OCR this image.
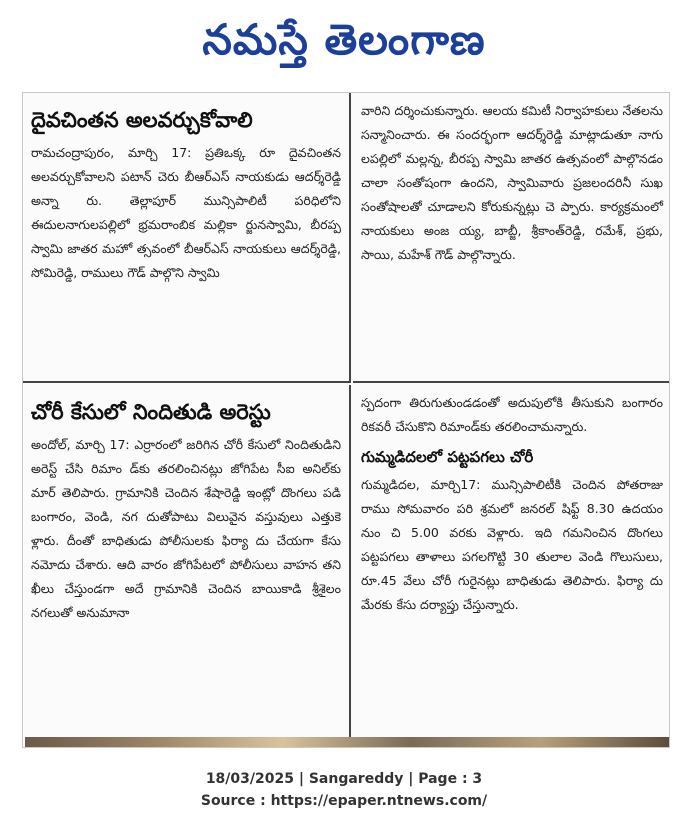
నమస్తే తెలంగాణ
దైవచింతన అలవర్చుకోవాలి

రామచంద్రాపురం, మార్చి 17: ప్రతిఒక్క రూ దైవచింతన అలవర్చుకోవాలని పటాన్ చెరు బీఆర్ఎస్ నాయకుడు ఆదర్శ్‌రెడ్డి అన్నా రు. తెల్లాపూర్ మున్సిపాలిటీ పరిధిలోని ఈదులనాగులపల్లిలో భ్రమరాంబిక మల్లికా ర్జునస్వామి, బీరప్ప స్వామి జాతర మహో త్సవంలో బీఆర్ఎస్ నాయకులు ఆదర్శ్‌రెడ్డి, సోమిరెడ్డి, రాములు గౌడ్ పాల్గొని స్వామి

వారిని దర్శించుకున్నారు. ఆలయ కమిటీ నిర్వాహకులు నేతలను సన్మానించారు. ఈ సందర్భంగా ఆదర్శ్‌రెడ్డి మాట్లాడుతూ నాగు లపల్లిలో మల్లన్న, బీరప్ప స్వామి జాతర ఉత్సవంలో పాల్గొనడం చాలా సంతోషంగా ఉందని, స్వామివారు ప్రజలందరినీ సుఖ సంతోషాలతో చూడాలని కోరుకున్నట్లు చె ప్పారు. కార్యక్రమంలో నాయకులు అంజ య్య, బాబ్జీ, శ్రీకాంత్‌రెడ్డి, రమేశ్, ప్రభు, సాయి, మహేశ్ గౌడ్ పాల్గొన్నారు.

చోరీ కేసులో నిందితుడి అరెస్టు

అందోల్, మార్చి 17: ఎర్రారంలో జరిగిన చోరీ కేసులో నిందితుడిని అరెస్ట్ చేసి రిమాం డ్‌కు తరలించినట్లు జోగిపేట సీఐ అనిల్‌కు మార్ తెలిపారు. గ్రామానికి చెందిన శేషారెడ్డి ఇంట్లో దొంగలు పడి బంగారం, వెండి, నగ దుతోపాటు విలువైన వస్తువులు ఎత్తుకె ళ్లారు. దీంతో బాధితుడు పోలీసులకు ఫిర్యా దు చేయగా కేసు నమోదు చేశారు. ఆది వారం జోగిపేటలో పోలీసులు వాహన తని ఖీలు చేస్తుండగా అదే గ్రామానికి చెందిన బాయికాడి శ్రీశైలం నగలుతో అనుమానా

స్పదంగా తిరుగుతుండడంతో అదుపులోకి తీసుకుని బంగారం రికవరీ చేసుకొని రిమాండ్‌కు తరలించామన్నారు.

గుమ్మడిదలలో పట్టపగలు చోరీ

గుమ్మడిదల, మార్చి17: మున్సిపాలిటీకి చెందిన పోతరాజు రాము సోమవారం పరి శ్రమలో జనరల్ షిఫ్ట్ 8.30 ఉదయం నుం చి 5.00 వరకు వెళ్లారు. ఇది గమనించిన దొంగలు పట్టపగలు తాళాలు పగలగొట్టి 30 తులాల వెండి గొలుసులు, రూ.45 వేలు చోరీ గురైనట్లు బాధితుడు తెలిపారు. ఫిర్యా దు మేరకు కేసు దర్యాప్తు చేస్తున్నారు.

18/03/2025 | Sangareddy | Page : 3
Source : https://epaper.ntnews.com/
